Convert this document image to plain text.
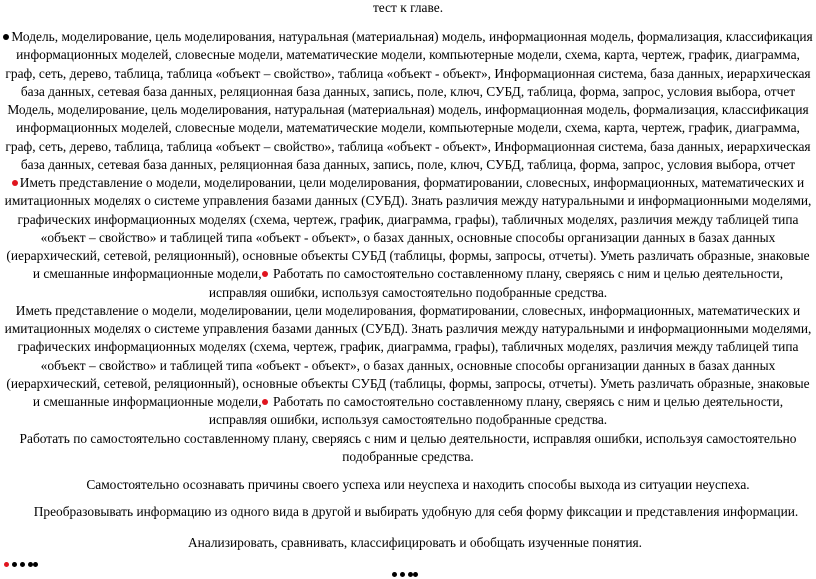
тест к главе.
Модель, моделирование, цель моделирования, натуральная (материальная) модель, информационная модель, формализация, классификация
информационных моделей, словесные модели, математические модели, компьютерные модели, схема, карта, чертеж, график, диаграмма,
граф, сеть, дерево, таблица, таблица «объект – свойство», таблица «объект - объект», Информационная система, база данных, иерархическая
база данных, сетевая база данных, реляционная база данных, запись, поле, ключ, СУБД, таблица, форма, запрос, условия выбора, отчет
Модель, моделирование, цель моделирования, натуральная (материальная) модель, информационная модель, формализация, классификация
информационных моделей, словесные модели, математические модели, компьютерные модели, схема, карта, чертеж, график, диаграмма,
граф, сеть, дерево, таблица, таблица «объект – свойство», таблица «объект - объект», Информационная система, база данных, иерархическая
база данных, сетевая база данных, реляционная база данных, запись, поле, ключ, СУБД, таблица, форма, запрос, условия выбора, отчет
Иметь представление о модели, моделировании, цели моделирования, форматировании, словесных, информационных, математических и
имитационных моделях о системе управления базами данных (СУБД). Знать различия между натуральными и информационными моделями,
графических информационных моделях (схема, чертеж, график, диаграмма, графы), табличных моделях, различия между таблицей типа
«объект – свойство» и таблицей типа «объект - объект», о базах данных, основные способы организации данных в базах данных
(иерархический, сетевой, реляционный), основные объекты СУБД (таблицы, формы, запросы, отчеты). Уметь различать образные, знаковые
и смешанные информационные модели, Работать по самостоятельно составленному плану, сверяясь с ним и целью деятельности,
исправляя ошибки, используя самостоятельно подобранные средства.
Иметь представление о модели, моделировании, цели моделирования, форматировании, словесных, информационных, математических и
имитационных моделях о системе управления базами данных (СУБД). Знать различия между натуральными и информационными моделями,
графических информационных моделях (схема, чертеж, график, диаграмма, графы), табличных моделях, различия между таблицей типа
«объект – свойство» и таблицей типа «объект - объект», о базах данных, основные способы организации данных в базах данных
(иерархический, сетевой, реляционный), основные объекты СУБД (таблицы, формы, запросы, отчеты). Уметь различать образные, знаковые
и смешанные информационные модели, Работать по самостоятельно составленному плану, сверяясь с ним и целью деятельности,
исправляя ошибки, используя самостоятельно подобранные средства.
Работать по самостоятельно составленному плану, сверяясь с ним и целью деятельности, исправляя ошибки, используя самостоятельно
подобранные средства.
Самостоятельно осознавать причины своего успеха или неуспеха и находить способы выхода из ситуации неуспеха.
Преобразовывать информацию из одного вида в другой и выбирать удобную для себя форму фиксации и представления информации.
Анализировать, сравнивать, классифицировать и обобщать изученные понятия.
